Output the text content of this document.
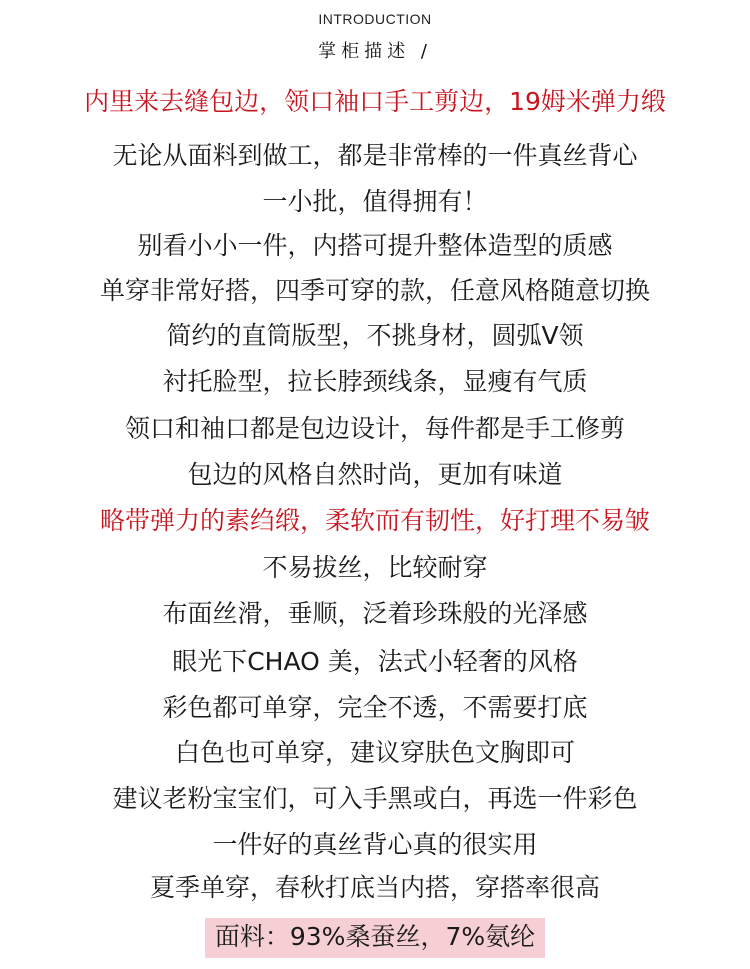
INTRODUCTION
掌柜描述 /
内里来去缝包边，领口袖口手工剪边，19姆米弹力缎
无论从面料到做工，都是非常棒的一件真丝背心
一小批，值得拥有！
别看小小一件，内搭可提升整体造型的质感
单穿非常好搭，四季可穿的款，任意风格随意切换
简约的直筒版型，不挑身材，圆弧V领
衬托脸型，拉长脖颈线条，显瘦有气质
领口和袖口都是包边设计，每件都是手工修剪
包边的风格自然时尚，更加有味道
略带弹力的素绉缎，柔软而有韧性，好打理不易皱
不易拔丝，比较耐穿
布面丝滑，垂顺，泛着珍珠般的光泽感
眼光下CHAO 美，法式小轻奢的风格
彩色都可单穿，完全不透，不需要打底
白色也可单穿，建议穿肤色文胸即可
建议老粉宝宝们，可入手黑或白，再选一件彩色
一件好的真丝背心真的很实用
夏季单穿，春秋打底当内搭，穿搭率很高
面料：93%桑蚕丝，7%氨纶
